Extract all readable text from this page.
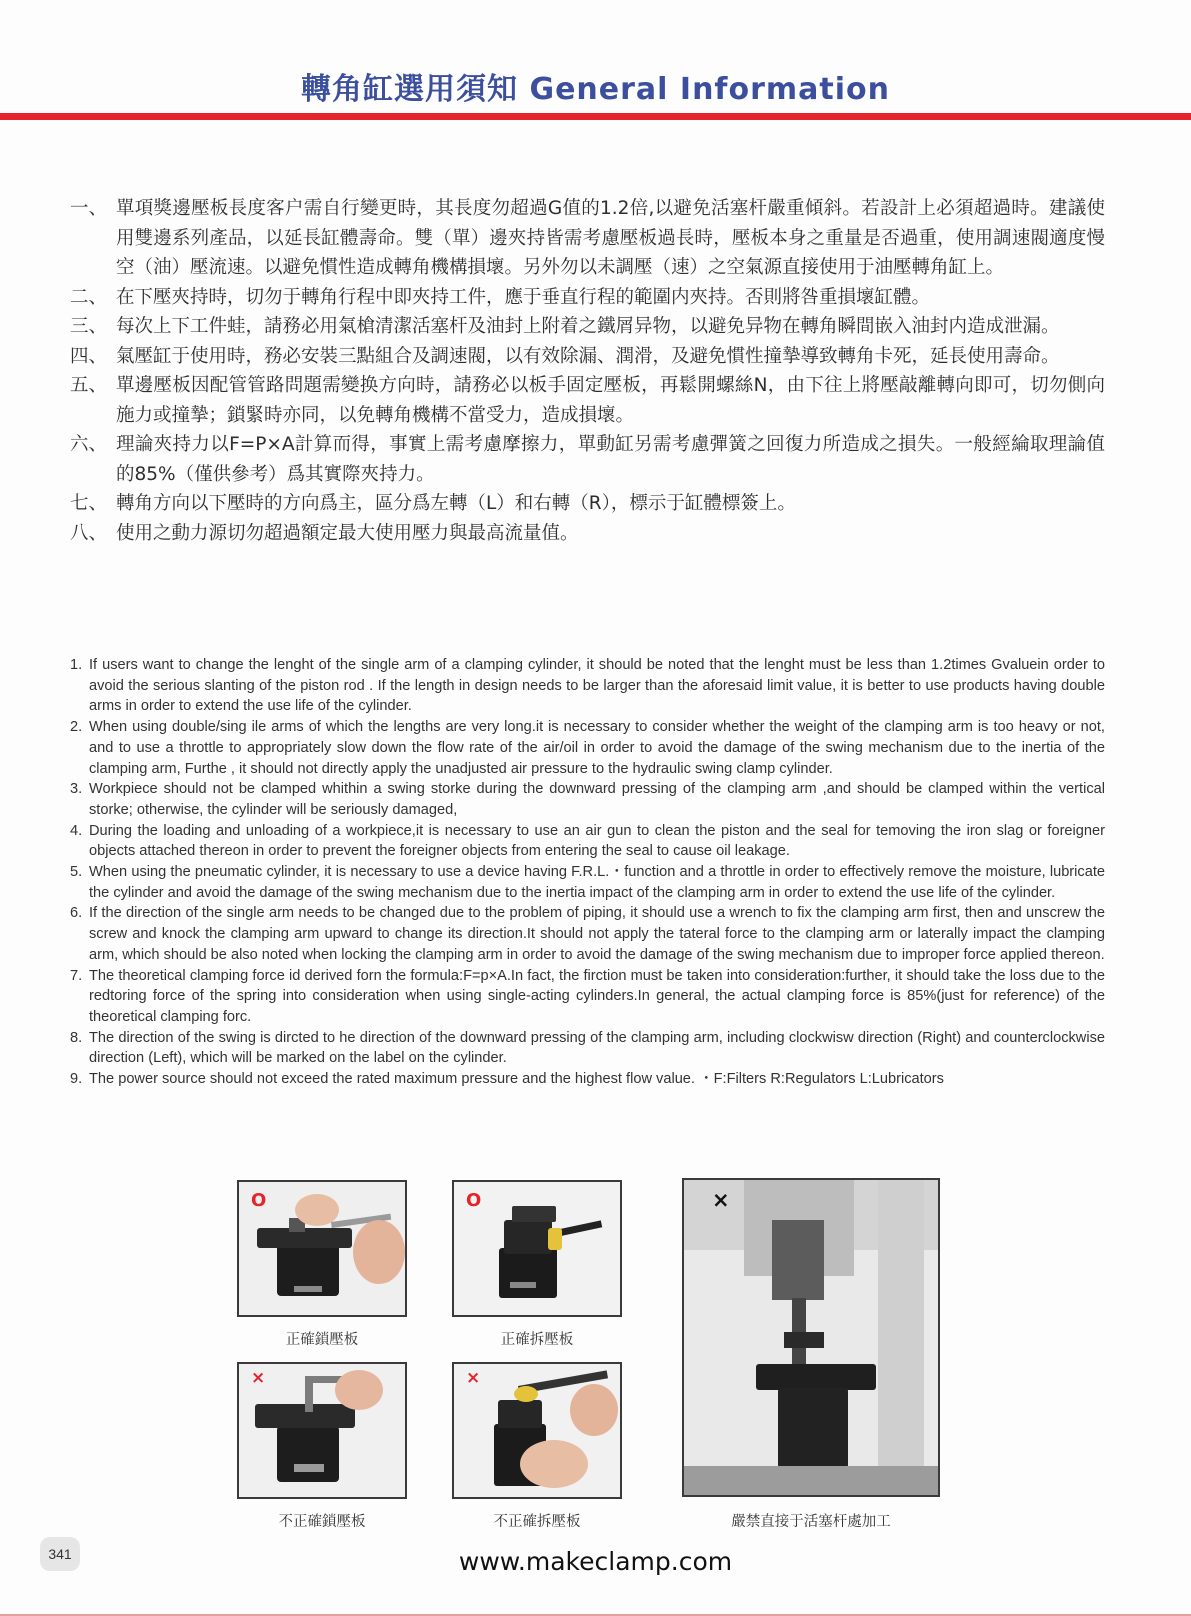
轉角缸選用須知 General Information
一、 單項獎邊壓板長度客户需自行變更時，其長度勿超過G值的1.2倍,以避免活塞杆嚴重傾斜。若設計上必須超過時。建議使用雙邊系列產品，以延長缸體壽命。雙（單）邊夾持皆需考慮壓板過長時，壓板本身之重量是否過重，使用調速閥適度慢空（油）壓流速。以避免慣性造成轉角機構損壞。另外勿以未調壓（速）之空氣源直接使用于油壓轉角缸上。
二、 在下壓夾持時，切勿于轉角行程中即夾持工件，應于垂直行程的範圍内夾持。否則將咎重損壞缸體。
三、 每次上下工件蛙，請務必用氣槍清潔活塞杆及油封上附着之鐵屑异物，以避免异物在轉角瞬間嵌入油封内造成泄漏。
四、 氣壓缸于使用時，務必安裝三點組合及調速閥，以有效除漏、潤滑，及避免慣性撞摯導致轉角卡死，延長使用壽命。
五、 單邊壓板因配管管路問題需變换方向時，請務必以板手固定壓板，再鬆開螺絲N，由下往上將壓敲離轉向即可，切勿側向施力或撞摯；鎖緊時亦同，以免轉角機構不當受力，造成損壞。
六、 理論夾持力以F=P×A計算而得，事實上需考慮摩擦力，單動缸另需考慮彈簧之回復力所造成之損失。一般經綸取理論值的85%（僅供參考）爲其實際夾持力。
七、 轉角方向以下壓時的方向爲主，區分爲左轉（L）和右轉（R），標示于缸體標簽上。
八、 使用之動力源切勿超過額定最大使用壓力與最高流量值。
1. If users want to change the lenght of the single arm of a clamping cylinder, it should be noted that the lenght must be less than 1.2times Gvaluein order to avoid the serious slanting of the piston rod . If the length in design needs to be larger than the aforesaid limit value, it is better to use products having double arms in order to extend the use life of the cylinder.
2. When using double/sing ile arms of which the lengths are very long.it is necessary to consider whether the weight of the clamping arm is too heavy or not, and to use a throttle to appropriately slow down the flow rate of the air/oil in order to avoid the damage of the swing mechanism due to the inertia of the clamping arm, Furthe , it should not directly apply the unadjusted air pressure to the hydraulic swing clamp cylinder.
3. Workpiece should not be clamped whithin a swing storke during the downward pressing of the clamping arm ,and should be clamped within the vertical storke; otherwise, the cylinder will be seriously damaged,
4. During the loading and unloading of a workpiece,it is necessary to use an air gun to clean the piston and the seal for temoving the iron slag or foreigner objects attached thereon in order to prevent the foreigner objects from entering the seal to cause oil leakage.
5. When using the pneumatic cylinder, it is necessary to use a device having F.R.L.・function and a throttle in order to effectively remove the moisture, lubricate the cylinder and avoid the damage of the swing mechanism due to the inertia impact of the clamping arm in order to extend the use life of the cylinder.
6. If the direction of the single arm needs to be changed due to the problem of piping, it should use a wrench to fix the clamping arm first, then and unscrew the screw and knock the clamping arm upward to change its direction.It should not apply the tateral force to the clamping arm or laterally impact the clamping arm, which should be also noted when locking the clamping arm in order to avoid the damage of the swing mechanism due to improper force applied thereon.
7. The theoretical clamping force id derived forn the formula:F=p×A.In fact, the firction must be taken into consideration:further, it should take the loss due to the redtoring force of the spring into consideration when using single-acting cylinders.In general, the actual clamping force is 85%(just for reference) of the theoretical clamping forc.
8. The direction of the swing is dircted to he direction of the downward pressing of the clamping arm, including clockwisw direction (Right) and counterclockwise direction (Left), which will be marked on the label on the cylinder.
9. The power source should not exceed the rated maximum pressure and the highest flow value. ・F:Filters R:Regulators L:Lubricators
O
正確鎖壓板
O
正確拆壓板
×
不正確鎖壓板
×
不正確拆壓板
×
嚴禁直接于活塞杆處加工
341	www.makeclamp.com
